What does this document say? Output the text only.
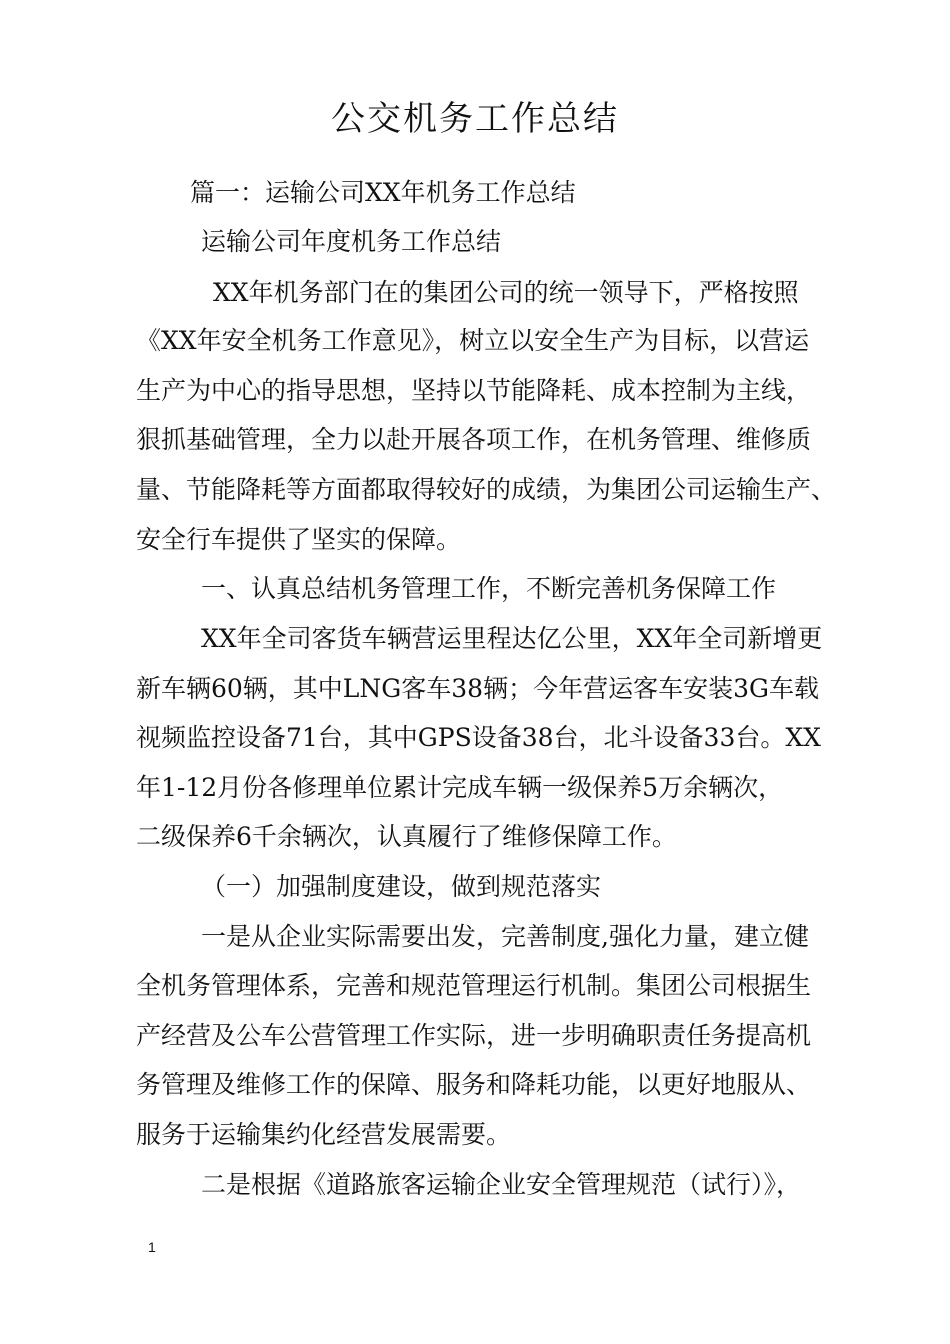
公交机务工作总结
篇一：运输公司XX年机务工作总结
运输公司年度机务工作总结
XX年机务部门在的集团公司的统一领导下，严格按照
《XX年安全机务工作意见》，树立以安全生产为目标，以营运
生产为中心的指导思想，坚持以节能降耗、成本控制为主线，
狠抓基础管理，全力以赴开展各项工作，在机务管理、维修质
量、节能降耗等方面都取得较好的成绩，为集团公司运输生产、
安全行车提供了坚实的保障。
一、认真总结机务管理工作，不断完善机务保障工作
XX年全司客货车辆营运里程达亿公里，XX年全司新增更
新车辆60辆，其中LNG客车38辆；今年营运客车安装3G车载
视频监控设备71台，其中GPS设备38台，北斗设备33台。XX
年1-12月份各修理单位累计完成车辆一级保养5万余辆次，
二级保养6千余辆次，认真履行了维修保障工作。
（一）加强制度建设，做到规范落实
一是从企业实际需要出发，完善制度,强化力量，建立健
全机务管理体系，完善和规范管理运行机制。集团公司根据生
产经营及公车公营管理工作实际，进一步明确职责任务提高机
务管理及维修工作的保障、服务和降耗功能，以更好地服从、
服务于运输集约化经营发展需要。
二是根据《道路旅客运输企业安全管理规范（试行）》，
1
